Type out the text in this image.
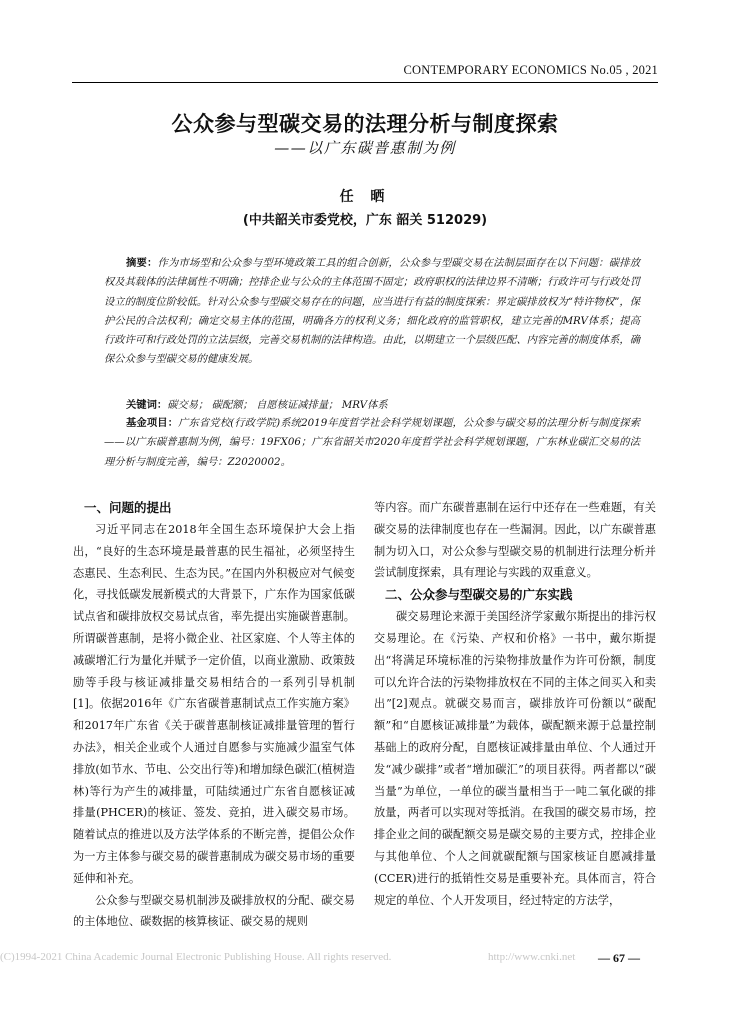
CONTEMPORARY ECONOMICS No.05 , 2021
公众参与型碳交易的法理分析与制度探索
——以广东碳普惠制为例
任 晒
(中共韶关市委党校，广东 韶关 512029)
摘要：作为市场型和公众参与型环境政策工具的组合创新，公众参与型碳交易在法制层面存在以下问题：碳排放权及其载体的法律属性不明确；控排企业与公众的主体范围不固定；政府职权的法律边界不清晰；行政许可与行政处罚设立的制度位阶较低。针对公众参与型碳交易存在的问题，应当进行有益的制度探索：界定碳排放权为“特许物权”，保护公民的合法权利；确定交易主体的范围，明确各方的权利义务；细化政府的监管职权，建立完善的MRV体系；提高行政许可和行政处罚的立法层级，完善交易机制的法律构造。由此，以期建立一个层级匹配、内容完善的制度体系，确保公众参与型碳交易的健康发展。
关键词：碳交易； 碳配额； 自愿核证减排量； MRV体系
基金项目：广东省党校(行政学院)系统2019年度哲学社会科学规划课题，公众参与碳交易的法理分析与制度探索——以广东碳普惠制为例，编号：19FX06；广东省韶关市2020年度哲学社会科学规划课题，广东林业碳汇交易的法理分析与制度完善，编号：Z2020002。
一、问题的提出

习近平同志在2018年全国生态环境保护大会上指出，“良好的生态环境是最普惠的民生福祉，必须坚持生态惠民、生态利民、生态为民。”在国内外积极应对气候变化，寻找低碳发展新模式的大背景下，广东作为国家低碳试点省和碳排放权交易试点省，率先提出实施碳普惠制。所谓碳普惠制，是将小微企业、社区家庭、个人等主体的减碳增汇行为量化并赋予一定价值，以商业激励、政策鼓励等手段与核证减排量交易相结合的一系列引导机制[1]。依据2016年《广东省碳普惠制试点工作实施方案》和2017年广东省《关于碳普惠制核证减排量管理的暂行办法》，相关企业或个人通过自愿参与实施减少温室气体排放(如节水、节电、公交出行等)和增加绿色碳汇(植树造林)等行为产生的减排量，可陆续通过广东省自愿核证减排量(PHCER)的核证、签发、竞拍，进入碳交易市场。随着试点的推进以及方法学体系的不断完善，提倡公众作为一方主体参与碳交易的碳普惠制成为碳交易市场的重要延伸和补充。

公众参与型碳交易机制涉及碳排放权的分配、碳交易的主体地位、碳数据的核算核证、碳交易的规则

等内容。而广东碳普惠制在运行中还存在一些难题，有关碳交易的法律制度也存在一些漏洞。因此，以广东碳普惠制为切入口，对公众参与型碳交易的机制进行法理分析并尝试制度探索，具有理论与实践的双重意义。

二、公众参与型碳交易的广东实践

碳交易理论来源于美国经济学家戴尔斯提出的排污权交易理论。在《污染、产权和价格》一书中，戴尔斯提出“将满足环境标准的污染物排放量作为许可份额，制度可以允许合法的污染物排放权在不同的主体之间买入和卖出”[2]观点。就碳交易而言，碳排放许可份额以“碳配额”和“自愿核证减排量”为载体，碳配额来源于总量控制基础上的政府分配，自愿核证减排量由单位、个人通过开发“减少碳排”或者“增加碳汇”的项目获得。两者都以“碳当量”为单位，一单位的碳当量相当于一吨二氧化碳的排放量，两者可以实现对等抵消。在我国的碳交易市场，控排企业之间的碳配额交易是碳交易的主要方式，控排企业与其他单位、个人之间就碳配额与国家核证自愿减排量(CCER)进行的抵销性交易是重要补充。具体而言，符合规定的单位、个人开发项目，经过特定的方法学，

(C)1994-2021 China Academic Journal Electronic Publishing House. All rights reserved.	http://www.cnki.net — 67 —
